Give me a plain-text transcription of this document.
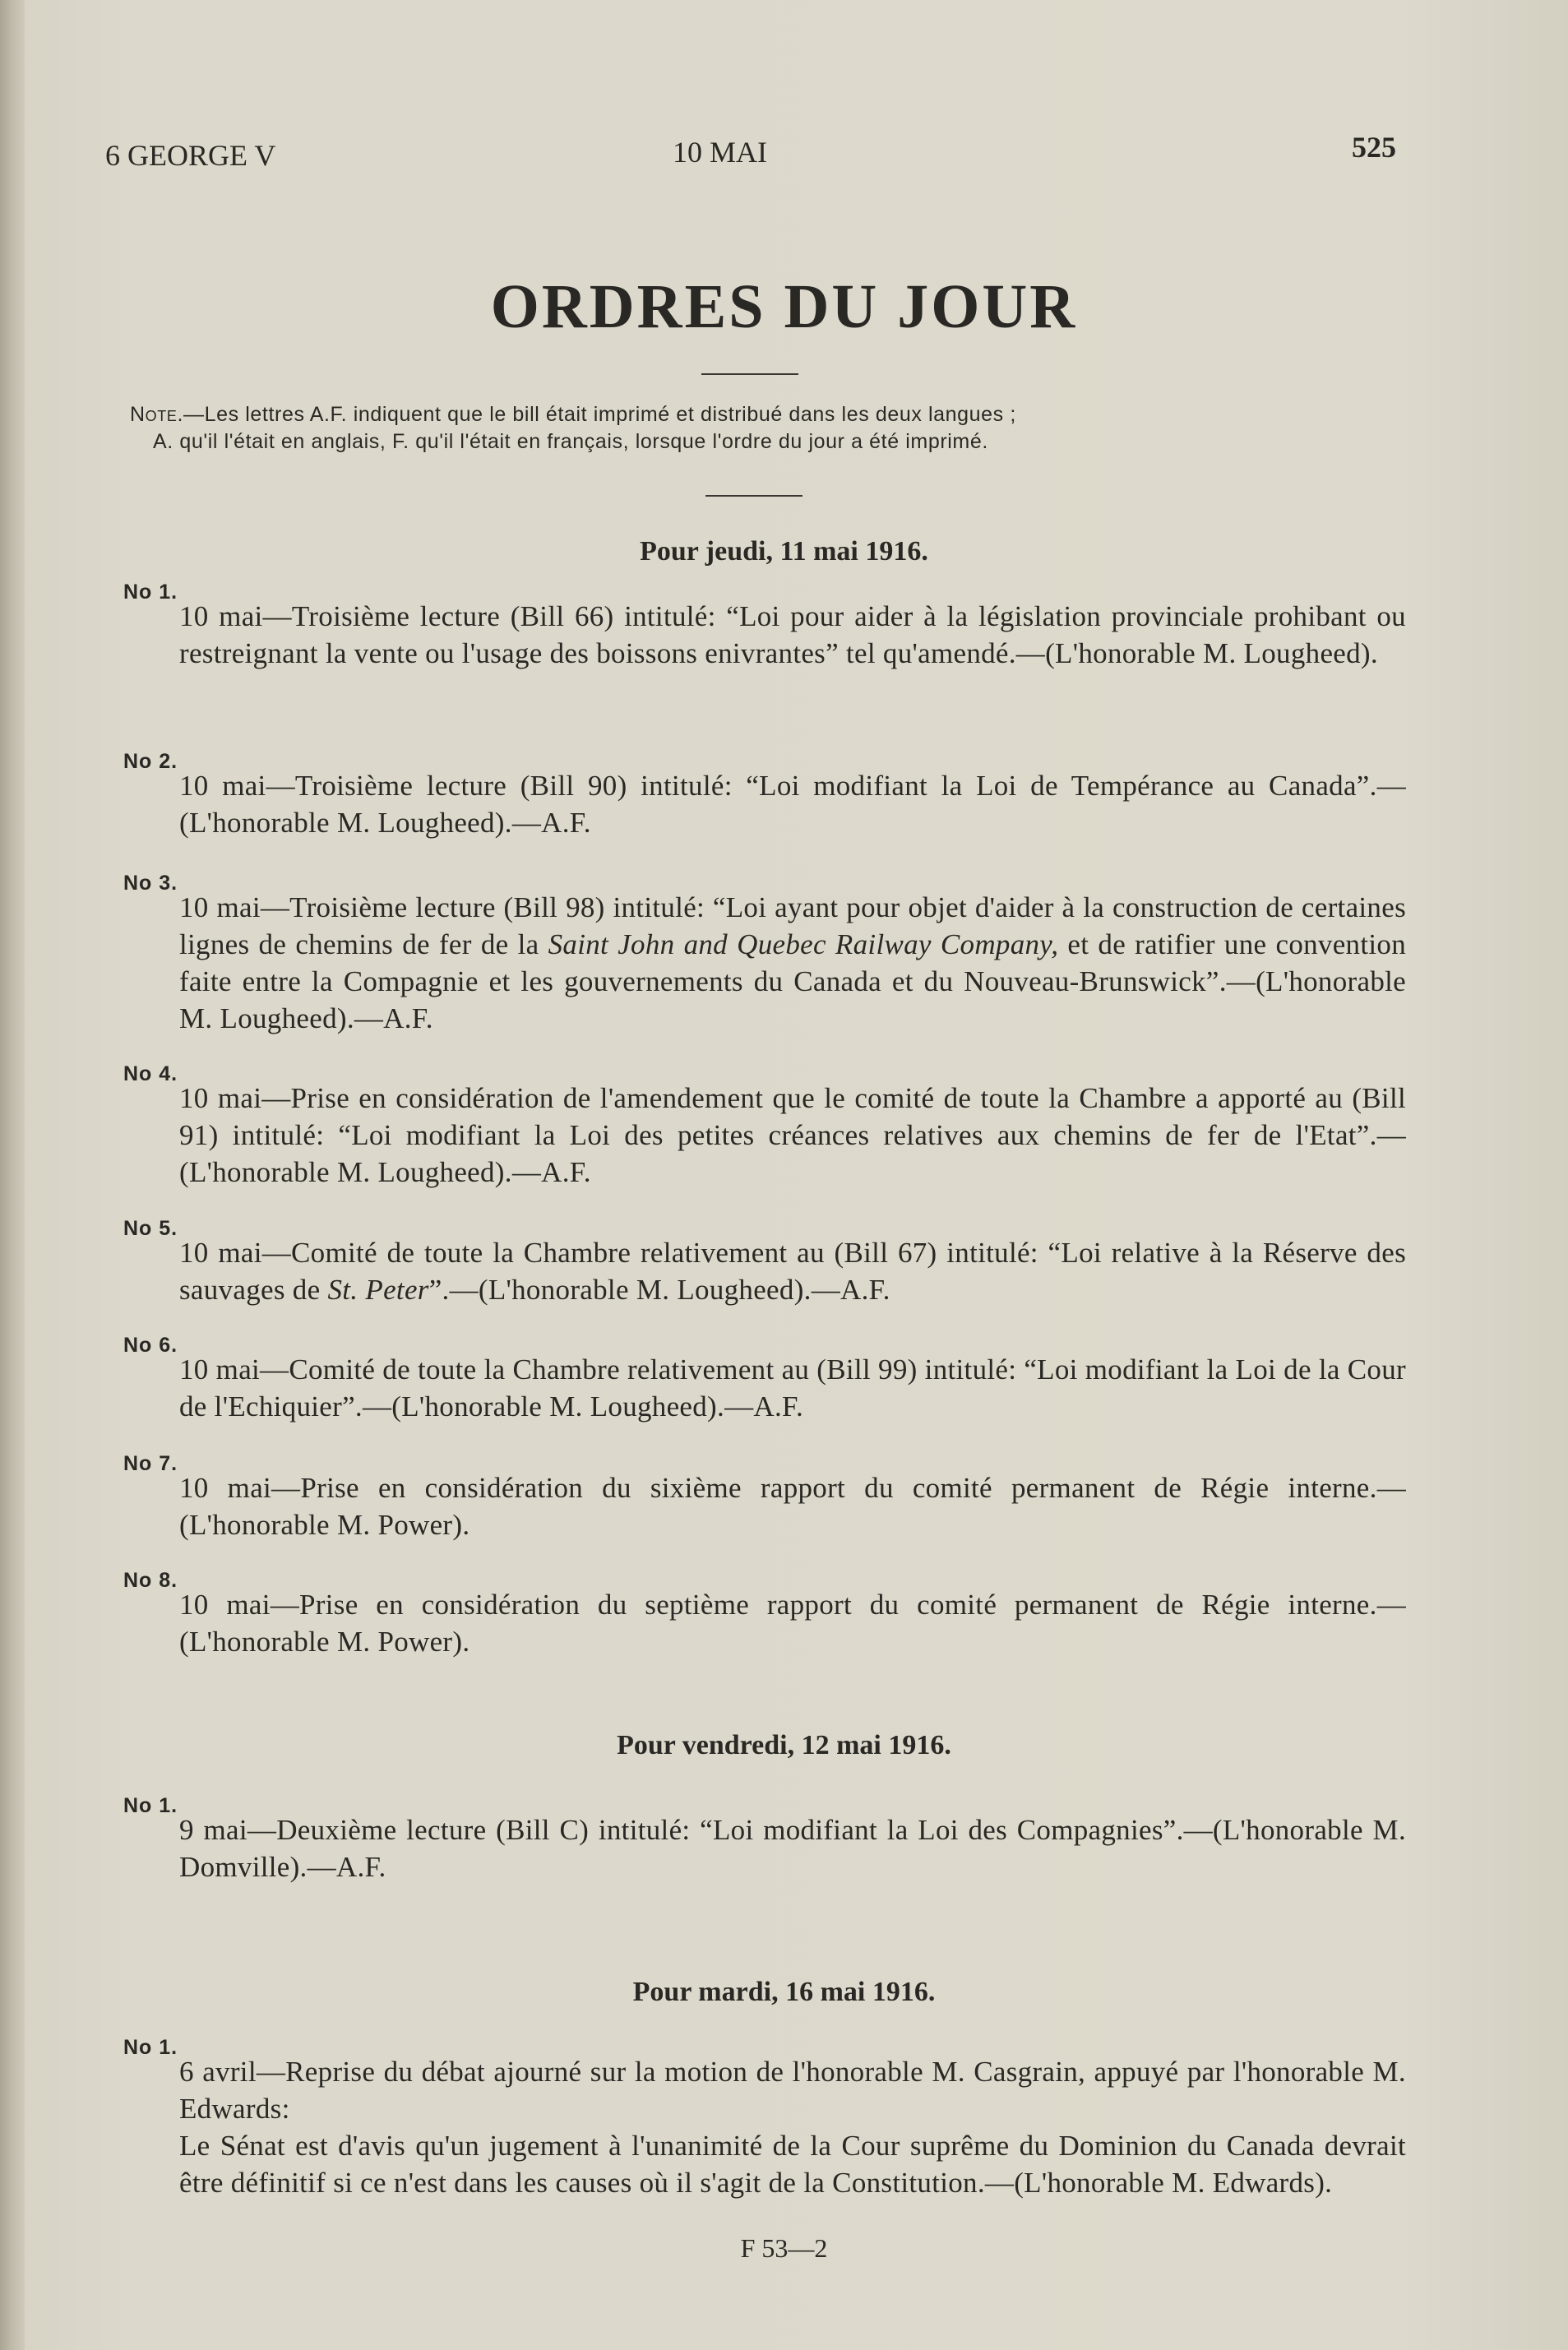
6 GEORGE V	10 MAI	525
ORDRES DU JOUR
Note.—Les lettres A.F. indiquent que le bill était imprimé et distribué dans les deux langues ;
A. qu'il l'était en anglais, F. qu'il l'était en français, lorsque l'ordre du jour a été imprimé.
Pour jeudi, 11 mai 1916.
No 1.

10 mai—Troisième lecture (Bill 66) intitulé: “Loi pour aider à la législation provinciale prohibant ou restreignant la vente ou l'usage des boissons enivrantes” tel qu'amendé.—(L'honorable M. Lougheed).

No 2.

10 mai—Troisième lecture (Bill 90) intitulé: “Loi modifiant la Loi de Tempérance au Canada”.—(L'honorable M. Lougheed).—A.F.

No 3.

10 mai—Troisième lecture (Bill 98) intitulé: “Loi ayant pour objet d'aider à la construction de certaines lignes de chemins de fer de la Saint John and Quebec Railway Company, et de ratifier une convention faite entre la Compagnie et les gouvernements du Canada et du Nouveau-Brunswick”.—(L'honorable M. Lougheed).—A.F.

No 4.

10 mai—Prise en considération de l'amendement que le comité de toute la Chambre a apporté au (Bill 91) intitulé: “Loi modifiant la Loi des petites créances relatives aux chemins de fer de l'Etat”.—(L'honorable M. Lougheed).—A.F.

No 5.

10 mai—Comité de toute la Chambre relativement au (Bill 67) intitulé: “Loi relative à la Réserve des sauvages de St. Peter”.—(L'honorable M. Lougheed).—A.F.

No 6.

10 mai—Comité de toute la Chambre relativement au (Bill 99) intitulé: “Loi modifiant la Loi de la Cour de l'Echiquier”.—(L'honorable M. Lougheed).—A.F.

No 7.

10 mai—Prise en considération du sixième rapport du comité permanent de Régie interne.—(L'honorable M. Power).

No 8.

10 mai—Prise en considération du septième rapport du comité permanent de Régie interne.—(L'honorable M. Power).

Pour vendredi, 12 mai 1916.
No 1.

9 mai—Deuxième lecture (Bill C) intitulé: “Loi modifiant la Loi des Compagnies”.—(L'honorable M. Domville).—A.F.

Pour mardi, 16 mai 1916.
No 1.

6 avril—Reprise du débat ajourné sur la motion de l'honorable M. Casgrain, appuyé par l'honorable M. Edwards:

Le Sénat est d'avis qu'un jugement à l'unanimité de la Cour suprême du Dominion du Canada devrait être définitif si ce n'est dans les causes où il s'agit de la Constitution.—(L'honorable M. Edwards).

F 53—2
